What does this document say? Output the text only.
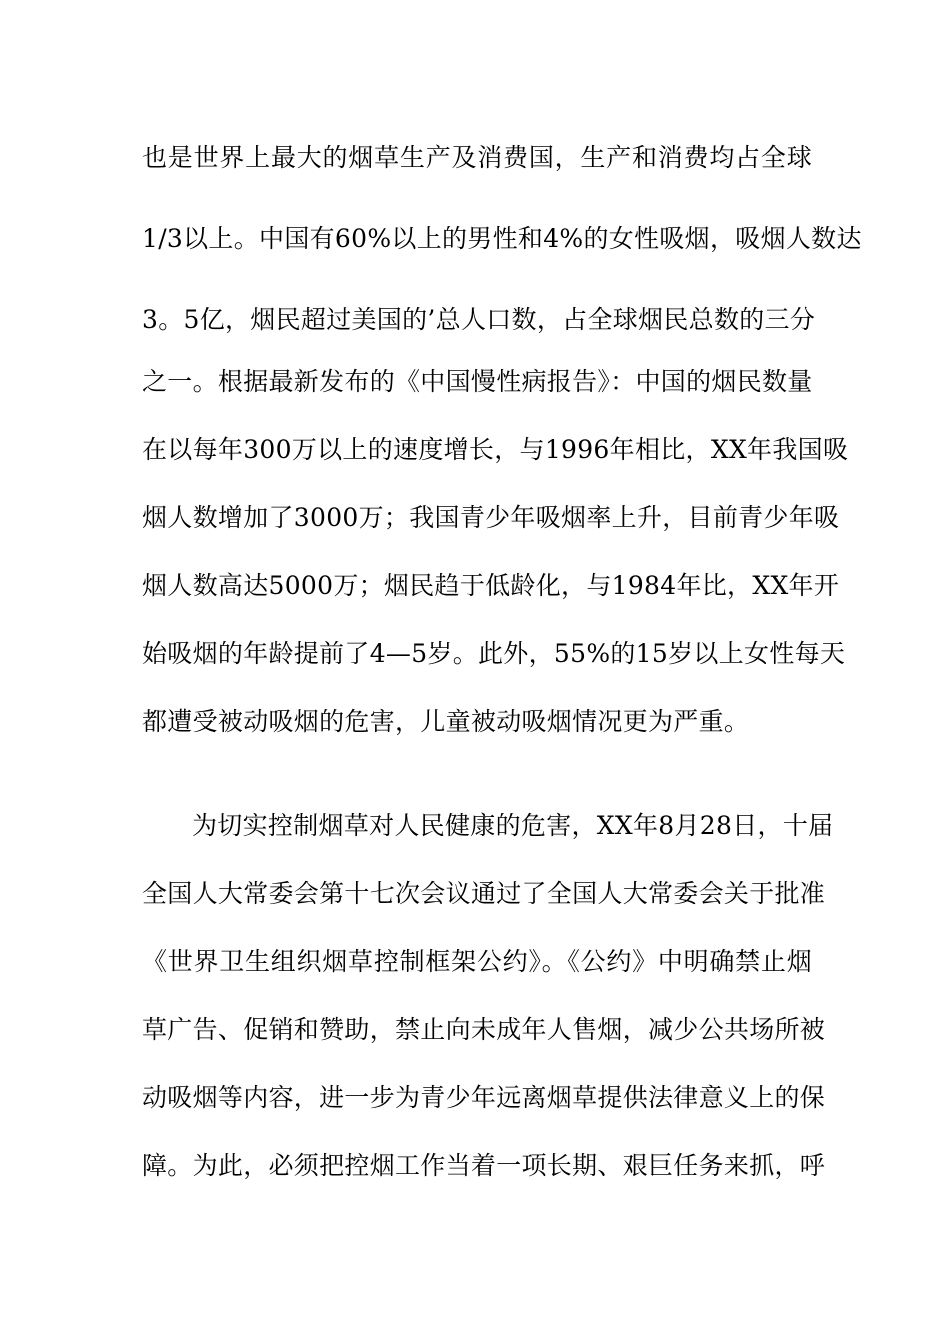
也是世界上最大的烟草生产及消费国，生产和消费均占全球
1/3以上。中国有60%以上的男性和4%的女性吸烟，吸烟人数达
3。5亿，烟民超过美国的’总人口数，占全球烟民总数的三分
之一。根据最新发布的《中国慢性病报告》：中国的烟民数量
在以每年300万以上的速度增长，与1996年相比，XX年我国吸
烟人数增加了3000万；我国青少年吸烟率上升，目前青少年吸
烟人数高达5000万；烟民趋于低龄化，与1984年比，XX年开
始吸烟的年龄提前了4—5岁。此外，55%的15岁以上女性每天
都遭受被动吸烟的危害，儿童被动吸烟情况更为严重。
为切实控制烟草对人民健康的危害，XX年8月28日，十届
全国人大常委会第十七次会议通过了全国人大常委会关于批准
《世界卫生组织烟草控制框架公约》。《公约》中明确禁止烟
草广告、促销和赞助，禁止向未成年人售烟，减少公共场所被
动吸烟等内容，进一步为青少年远离烟草提供法律意义上的保
障。为此，必须把控烟工作当着一项长期、艰巨任务来抓，呼
